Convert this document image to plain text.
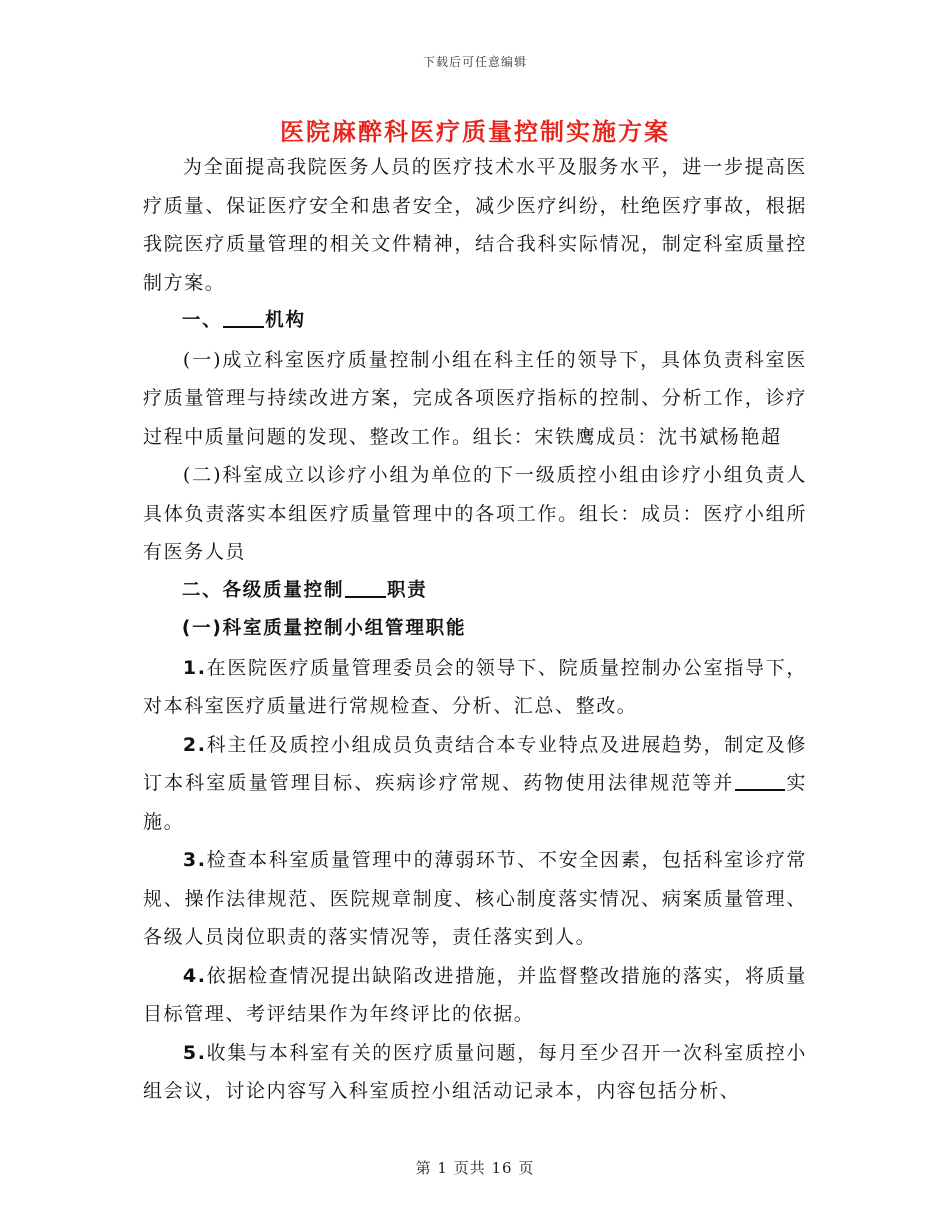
下载后可任意编辑
医院麻醉科医疗质量控制实施方案

为全面提高我院医务人员的医疗技术水平及服务水平，进一步提高医疗质量、保证医疗安全和患者安全，减少医疗纠纷，杜绝医疗事故，根据我院医疗质量管理的相关文件精神，结合我科实际情况，制定科室质量控制方案。

一、 机构

(一)成立科室医疗质量控制小组在科主任的领导下，具体负责科室医疗质量管理与持续改进方案，完成各项医疗指标的控制、分析工作，诊疗过程中质量问题的发现、整改工作。组长：宋铁鹰成员：沈书斌杨艳超

(二)科室成立以诊疗小组为单位的下一级质控小组由诊疗小组负责人具体负责落实本组医疗质量管理中的各项工作。组长：成员：医疗小组所有医务人员

二、各级质量控制 职责

(一)科室质量控制小组管理职能

1.在医院医疗质量管理委员会的领导下、院质量控制办公室指导下，对本科室医疗质量进行常规检查、分析、汇总、整改。

2.科主任及质控小组成员负责结合本专业特点及进展趋势，制定及修订本科室质量管理目标、疾病诊疗常规、药物使用法律规范等并	实施。

3.检查本科室质量管理中的薄弱环节、不安全因素，包括科室诊疗常规、操作法律规范、医院规章制度、核心制度落实情况、病案质量管理、各级人员岗位职责的落实情况等，责任落实到人。

4.依据检查情况提出缺陷改进措施，并监督整改措施的落实，将质量目标管理、考评结果作为年终评比的依据。

5.收集与本科室有关的医疗质量问题，每月至少召开一次科室质控小组会议，讨论内容写入科室质控小组活动记录本，内容包括分析、

第 1 页共 16 页
